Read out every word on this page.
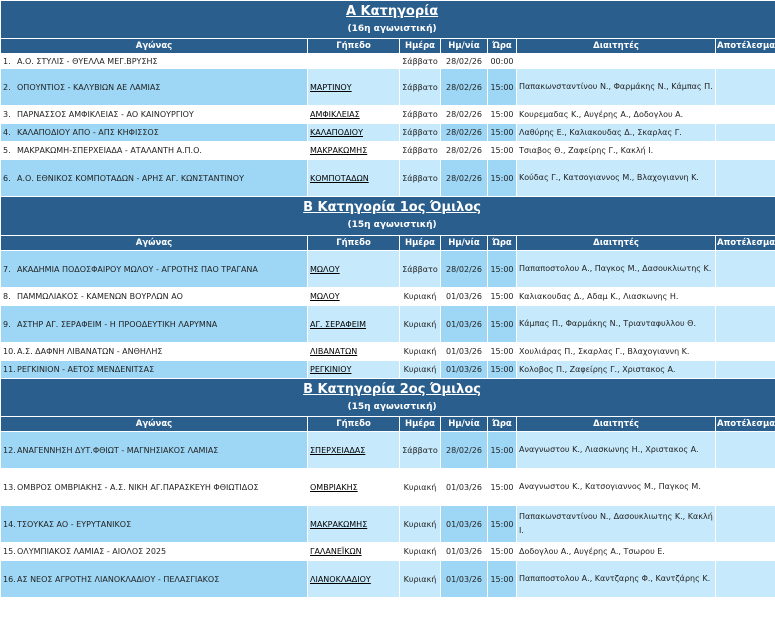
Α Κατηγορία
(16η αγωνιστική)							

Αγώνας	Γήπεδο	Ημέρα	Ημ/νία	Ώρα	Διαιτητές	Αποτέλεσμα	
1. Α.Ο. ΣΤΥΛΙΣ - ΘΥΕΛΛΑ ΜΕΓ.ΒΡΥΣΗΣ		Σάββατο	28/02/26	00:00			
2. ΟΠΟΥΝΤΙΟΣ - ΚΑΛΥΒΙΩΝ ΑΕ ΛΑΜΙΑΣ	ΜΑΡΤΙΝΟΥ	Σάββατο	28/02/26	15:00	Παπακωνσταντίνου Ν., Φαρμάκης Ν., Κάμπας Π.		
3. ΠΑΡΝΑΣΣΟΣ ΑΜΦΙΚΛΕΙΑΣ - ΑΟ ΚΑΙΝΟΥΡΓΙΟΥ	ΑΜΦΙΚΛΕΙΑΣ	Σάββατο	28/02/26	15:00	Κουρεμαδας Κ., Αυγέρης Α., Δοδογλου Α.		
4. ΚΑΛΑΠΟΔΙΟΥ ΑΠΟ - ΑΠΣ ΚΗΦΙΣΣΟΣ	ΚΑΛΑΠΟΔΙΟΥ	Σάββατο	28/02/26	15:00	Λαθύρης Ε., Καλιακουδας Δ., Σκαρλας Γ.		
5. ΜΑΚΡΑΚΩΜΗ-ΣΠΕΡΧΕΙΑΔΑ - ΑΤΑΛΑΝΤΗ Α.Π.Ο.	ΜΑΚΡΑΚΩΜΗΣ	Σάββατο	28/02/26	15:00	Τσιαβος Θ., Ζαφείρης Γ., Κακλή Ι.		
6. Α.Ο. ΕΘΝΙΚΟΣ ΚΟΜΠΟΤΑΔΩΝ - ΑΡΗΣ ΑΓ. ΚΩΝΣΤΑΝΤΙΝΟΥ	ΚΟΜΠΟΤΑΔΩΝ	Σάββατο	28/02/26	15:00	Κούδας Γ., Κατσογιαννος Μ., Βλαχογιαννη Κ.		

Β Κατηγορία 1ος Όμιλος
(15η αγωνιστική)							

Αγώνας	Γήπεδο	Ημέρα	Ημ/νία	Ώρα	Διαιτητές	Αποτέλεσμα	
7. ΑΚΑΔΗΜΙΑ ΠΟΔΟΣΦΑΙΡΟΥ ΜΩΛΟΥ - ΑΓΡΟΤΗΣ ΠΑΟ ΤΡΑΓΑΝΑ	ΜΩΛΟΥ	Σάββατο	28/02/26	15:00	Παπαποστολου Α., Παγκος Μ., Δασουκλιωτης Κ.		
8. ΠΑΜΜΩΛΙΑΚΟΣ - ΚΑΜΕΝΩΝ ΒΟΥΡΛΩΝ ΑΟ	ΜΩΛΟΥ	Κυριακή	01/03/26	15:00	Καλιακουδας Δ., Αδαμ Κ., Λιασκωνης Η.		
9. ΑΣΤΗΡ ΑΓ. ΣΕΡΑΦΕΙΜ - Η ΠΡΟΟΔΕΥΤΙΚΗ ΛΑΡΥΜΝΑ	ΑΓ. ΣΕΡΑΦΕΙΜ	Κυριακή	01/03/26	15:00	Κάμπας Π., Φαρμάκης Ν., Τριανταφυλλου Θ.		
10.Α.Σ. ΔΑΦΝΗ ΛΙΒΑΝΑΤΩΝ - ΑΝΘΗΛΗΣ	ΛΙΒΑΝΑΤΩΝ	Κυριακή	01/03/26	15:00	Χουλιάρας Π., Σκαρλας Γ., Βλαχογιαννη Κ.		
11.ΡΕΓΚΙΝΙΟΝ - ΑΕΤΟΣ ΜΕΝΔΕΝΙΤΣΑΣ	ΡΕΓΚΙΝΙΟΥ	Κυριακή	01/03/26	15:00	Κολοβος Π., Ζαφείρης Γ., Χριστακος Α.		

Β Κατηγορία 2ος Όμιλος
(15η αγωνιστική)							

Αγώνας	Γήπεδο	Ημέρα	Ημ/νία	Ώρα	Διαιτητές	Αποτέλεσμα	
12.ΑΝΑΓΕΝΝΗΣΗ ΔΥΤ.ΦΘΙΩΤ - ΜΑΓΝΗΣΙΑΚΟΣ ΛΑΜΙΑΣ	ΣΠΕΡΧΕΙΑΔΑΣ	Σάββατο	28/02/26	15:00	Αναγνωστου Κ., Λιασκωνης Η., Χριστακος Α.		
13.ΟΜΒΡΟΣ ΟΜΒΡΙΑΚΗΣ - Α.Σ. ΝΙΚΗ ΑΓ.ΠΑΡΑΣΚΕΥΗ ΦΘΙΩΤΙΔΟΣ	ΟΜΒΡΙΑΚΗΣ	Κυριακή	01/03/26	15:00	Αναγνωστου Κ., Κατσογιαννος Μ., Παγκος Μ.		
14.ΤΣΟΥΚΑΣ ΑΟ - ΕΥΡΥΤΑΝΙΚΟΣ	ΜΑΚΡΑΚΩΜΗΣ	Κυριακή	01/03/26	15:00	Παπακωνσταντίνου Ν., Δασουκλιωτης Κ., Κακλή Ι.		
15.ΟΛΥΜΠΙΑΚΟΣ ΛΑΜΙΑΣ - ΑΙΟΛΟΣ 2025	ΓΑΛΑΝΕΪΚΩΝ	Κυριακή	01/03/26	15:00	Δοδογλου Α., Αυγέρης Α., Τσωρου Ε.		
16.ΑΣ ΝΕΟΣ ΑΓΡΟΤΗΣ ΛΙΑΝΟΚΛΑΔΙΟΥ - ΠΕΛΑΣΓΙΑΚΟΣ	ΛΙΑΝΟΚΛΑΔΙΟΥ	Κυριακή	01/03/26	15:00	Παπαποστολου Α., Καντζαρης Φ., Καντζάρης Κ.		
